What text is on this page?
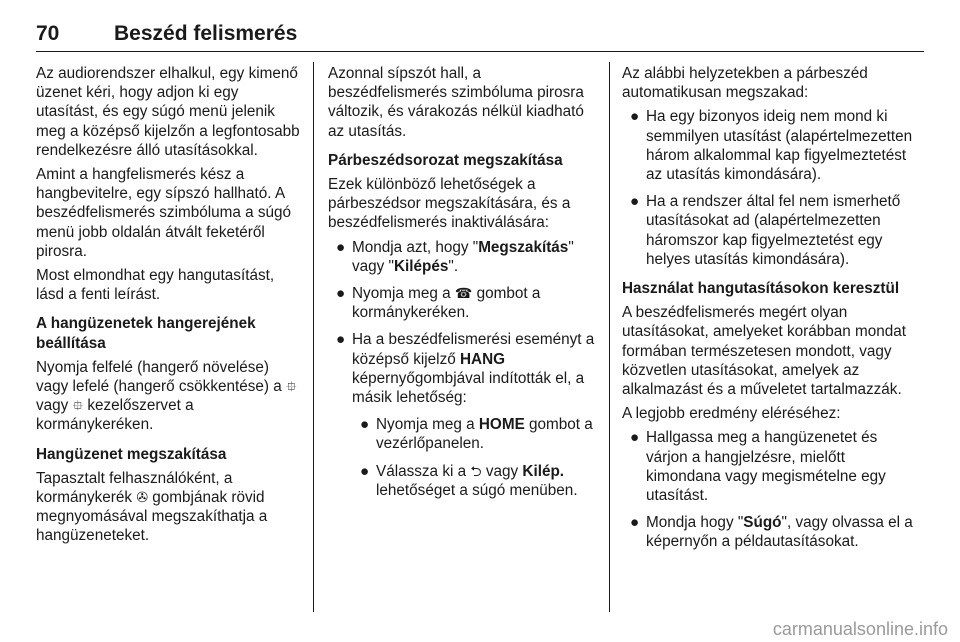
70	Beszéd felismerés

Az audiorendszer elhalkul, egy kimenő üzenet kéri, hogy adjon ki egy utasítást, és egy súgó menü jelenik meg a középső kijelzőn a legfontosabb rendelkezésre álló utasításokkal.

Amint a hangfelismerés kész a hangbevitelre, egy sípszó hallható. A beszédfelismerés szimbóluma a súgó menü jobb oldalán átvált feketéről pirosra.

Most elmondhat egy hangutasítást, lásd a fenti leírást.

A hangüzenetek hangerejének beállítása

Nyomja felfelé (hangerő növelése) vagy lefelé (hangerő csökkentése) a ⯐ vagy ⯐ kezelőszervet a kormánykeréken.

Hangüzenet megszakítása

Tapasztalt felhasználóként, a kormánykerék ✇ gombjának rövid megnyomásával megszakíthatja a hangüzeneteket.

Azonnal sípszót hall, a beszédfelismerés szimbóluma pirosra változik, és várakozás nélkül kiadható az utasítás.

Párbeszédsorozat megszakítása

Ezek különböző lehetőségek a párbeszédsor megszakítására, és a beszédfelismerés inaktiválására:

● Mondja azt, hogy "Megszakítás" vagy "Kilépés".
● Nyomja meg a ☎ gombot a kormánykeréken.
● Ha a beszédfelismerési eseményt a középső kijelző HANG képernyőgombjával indították el, a másik lehetőség:
● Nyomja meg a HOME gombot a vezérlőpanelen.
● Válassza ki a ⮌ vagy Kilép. lehetőséget a súgó menüben.

Az alábbi helyzetekben a párbeszéd automatikusan megszakad:

● Ha egy bizonyos ideig nem mond ki semmilyen utasítást (alapértelmezetten három alkalommal kap figyelmeztetést az utasítás kimondására).
● Ha a rendszer által fel nem ismerhető utasításokat ad (alapértelmezetten háromszor kap figyelmeztetést egy helyes utasítás kimondására).

Használat hangutasításokon keresztül

A beszédfelismerés megért olyan utasításokat, amelyeket korábban mondat formában természetesen mondott, vagy közvetlen utasításokat, amelyek az alkalmazást és a műveletet tartalmazzák.

A legjobb eredmény eléréséhez:

● Hallgassa meg a hangüzenetet és várjon a hangjelzésre, mielőtt kimondana vagy megismételne egy utasítást.
● Mondja hogy "Súgó", vagy olvassa el a képernyőn a példautasításokat.
carmanualsonline.info
